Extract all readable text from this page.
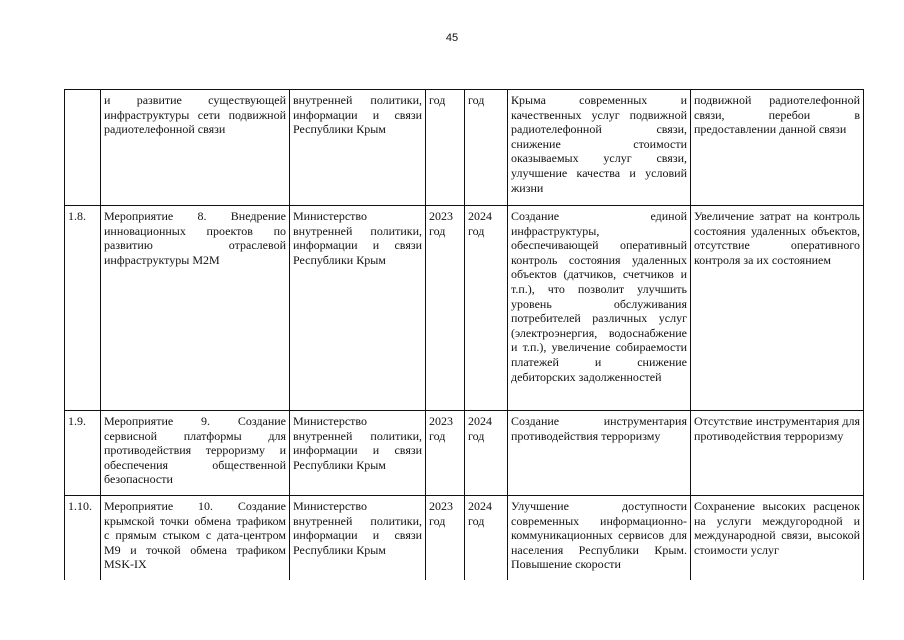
45
	и развитие существующей инфраструктуры сети подвижной радиотелефонной связи	внутренней политики, информации и связи Республики Крым	год	год	Крыма современных и качественных услуг подвижной радиотелефонной связи, снижение стоимости оказываемых услуг связи, улучшение качества и условий жизни	подвижной радиотелефонной связи, перебои в предоставлении данной связи
1.8.	Мероприятие 8. Внедрение инновационных проектов по развитию отраслевой инфраструктуры М2М	Министерство внутренней политики, информации и связи Республики Крым	2023 год	2024 год	Создание единой инфраструктуры, обеспечивающей оперативный контроль состояния удаленных объектов (датчиков, счетчиков и т.п.), что позволит улучшить уровень обслуживания потребителей различных услуг (электроэнергия, водоснабжение и т.п.), увеличение собираемости платежей и снижение дебиторских задолженностей	Увеличение затрат на контроль состояния удаленных объектов, отсутствие оперативного контроля за их состоянием
1.9.	Мероприятие 9. Создание сервисной платформы для противодействия терроризму и обеспечения общественной безопасности	Министерство внутренней политики, информации и связи Республики Крым	2023 год	2024 год	Создание инструментария противодействия терроризму	Отсутствие инструментария для противодействия терроризму
1.10.	Мероприятие 10. Создание крымской точки обмена трафиком с прямым стыком с дата-центром М9 и точкой обмена трафиком MSK-IX	Министерство внутренней политики, информации и связи Республики Крым	2023 год	2024 год	Улучшение доступности современных информационно-коммуникационных сервисов для населения Республики Крым. Повышение скорости	Сохранение высоких расценок на услуги междугородной и международной связи, высокой стоимости услуг
